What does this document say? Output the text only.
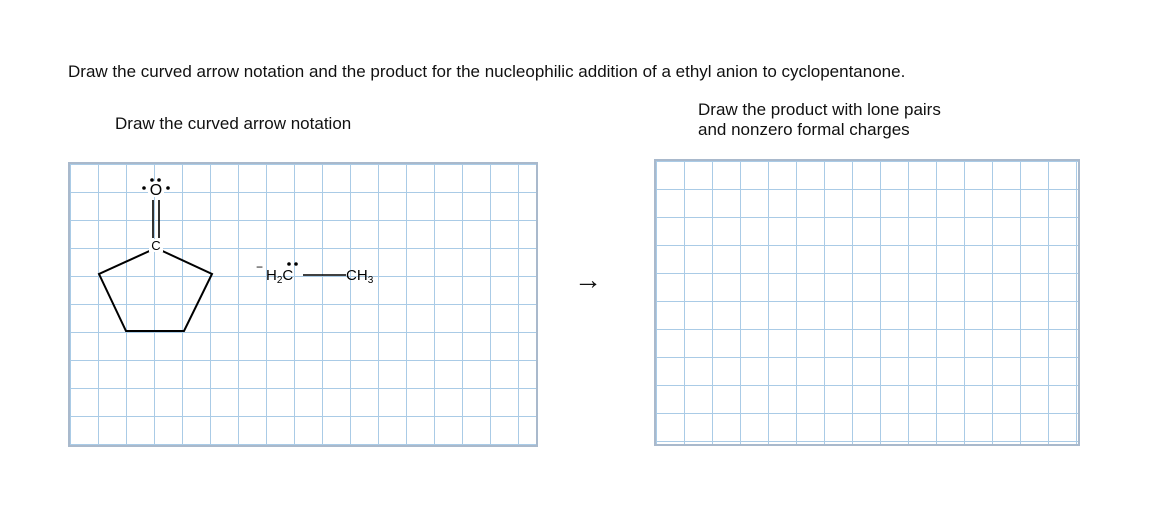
Draw the curved arrow notation and the product for the nucleophilic addition of a ethyl anion to cyclopentanone.
Draw the curved arrow notation
Draw the product with lone pairs
and nonzero formal charges
C
O
− $H_2C$	$CH_3$	→
